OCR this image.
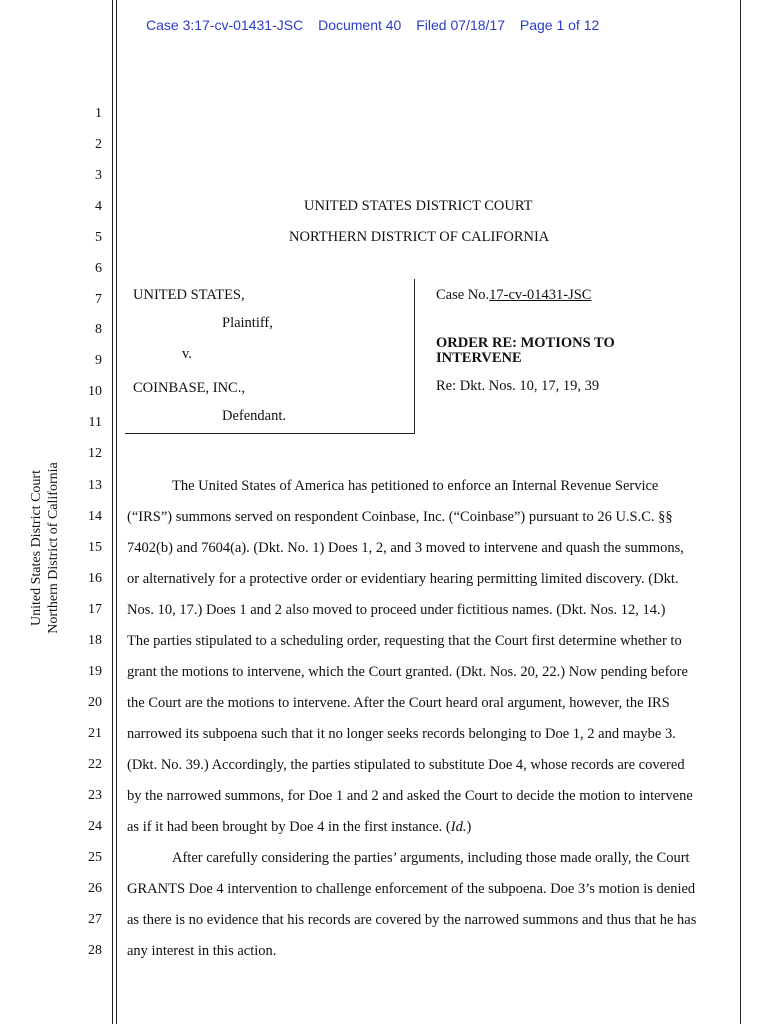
Case 3:17-cv-01431-JSC Document 40 Filed 07/18/17 Page 1 of 12
United States District Court Northern District of California
1
2
3
4
5
6
7
8
9
10
11
12
13
14
15
16
17
18
19
20
21
22
23
24
25
26
27
28
UNITED STATES DISTRICT COURT
NORTHERN DISTRICT OF CALIFORNIA
UNITED STATES,
Plaintiff,
v.
COINBASE, INC.,
Defendant.
Case No.17-cv-01431-JSC
ORDER RE: MOTIONS TO
INTERVENE
Re: Dkt. Nos. 10, 17, 19, 39
The United States of America has petitioned to enforce an Internal Revenue Service
(“IRS”) summons served on respondent Coinbase, Inc. (“Coinbase”) pursuant to 26 U.S.C. §§
7402(b) and 7604(a). (Dkt. No. 1) Does 1, 2, and 3 moved to intervene and quash the summons,
or alternatively for a protective order or evidentiary hearing permitting limited discovery. (Dkt.
Nos. 10, 17.) Does 1 and 2 also moved to proceed under fictitious names. (Dkt. Nos. 12, 14.)
The parties stipulated to a scheduling order, requesting that the Court first determine whether to
grant the motions to intervene, which the Court granted. (Dkt. Nos. 20, 22.) Now pending before
the Court are the motions to intervene. After the Court heard oral argument, however, the IRS
narrowed its subpoena such that it no longer seeks records belonging to Doe 1, 2 and maybe 3.
(Dkt. No. 39.) Accordingly, the parties stipulated to substitute Doe 4, whose records are covered
by the narrowed summons, for Doe 1 and 2 and asked the Court to decide the motion to intervene
as if it had been brought by Doe 4 in the first instance. (Id.)
After carefully considering the parties’ arguments, including those made orally, the Court
GRANTS Doe 4 intervention to challenge enforcement of the subpoena. Doe 3’s motion is denied
as there is no evidence that his records are covered by the narrowed summons and thus that he has
any interest in this action.
